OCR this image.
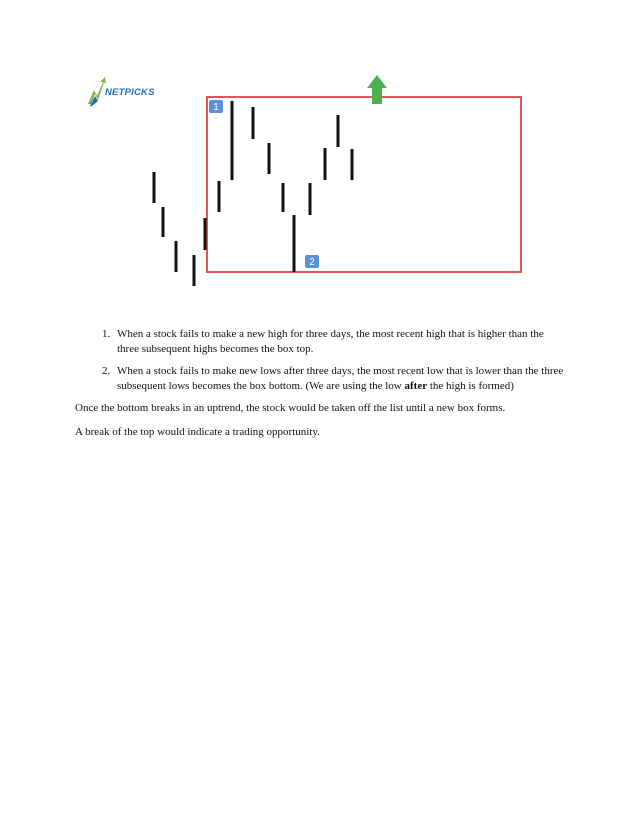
NETPICKS
1
2
1. When a stock fails to make a new high for three days, the most recent high that is higher than the three subsequent highs becomes the box top.
2. When a stock fails to make new lows after three days, the most recent low that is lower than the three subsequent lows becomes the box bottom. (We are using the low after the high is formed)

Once the bottom breaks in an uptrend, the stock would be taken off the list until a new box forms.

A break of the top would indicate a trading opportunity.
